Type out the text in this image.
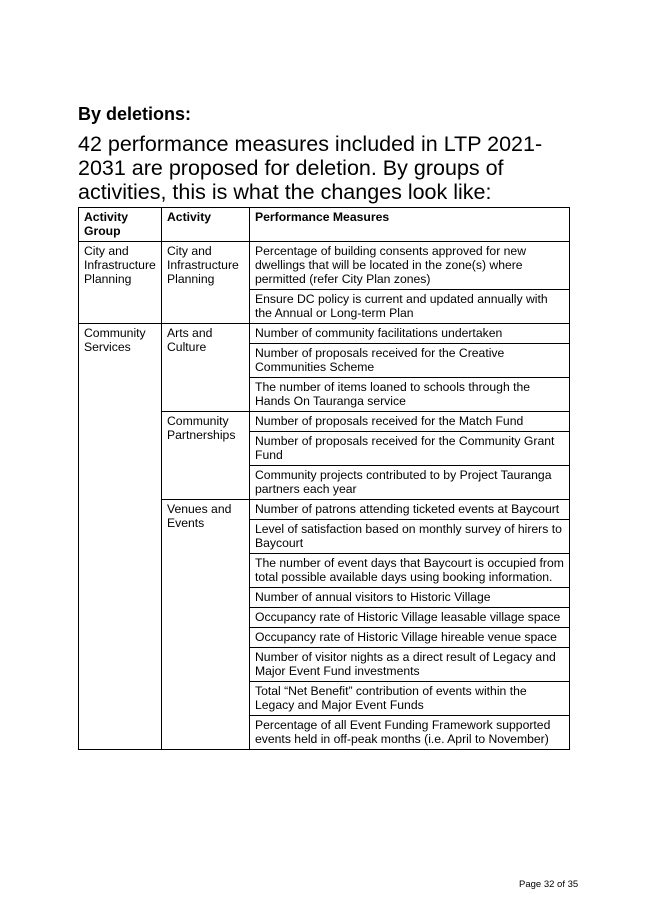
By deletions:

42 performance measures included in LTP 2021-2031 are proposed for deletion. By groups of activities, this is what the changes look like:

Activity Group	Activity	Performance Measures
City and Infrastructure Planning	City and Infrastructure Planning	Percentage of building consents approved for new dwellings that will be located in the zone(s) where permitted (refer City Plan zones)
		Ensure DC policy is current and updated annually with the Annual or Long-term Plan
Community Services	Arts and Culture	Number of community facilitations undertaken
		Number of proposals received for the Creative Communities Scheme
		The number of items loaned to schools through the Hands On Tauranga service
	Community Partnerships	Number of proposals received for the Match Fund
		Number of proposals received for the Community Grant Fund
		Community projects contributed to by Project Tauranga partners each year
	Venues and Events	Number of patrons attending ticketed events at Baycourt
		Level of satisfaction based on monthly survey of hirers to Baycourt
		The number of event days that Baycourt is occupied from total possible available days using booking information.
		Number of annual visitors to Historic Village
		Occupancy rate of Historic Village leasable village space
		Occupancy rate of Historic Village hireable venue space
		Number of visitor nights as a direct result of Legacy and Major Event Fund investments
		Total “Net Benefit” contribution of events within the Legacy and Major Event Funds
		Percentage of all Event Funding Framework supported events held in off-peak months (i.e. April to November)

Page 32 of 35
